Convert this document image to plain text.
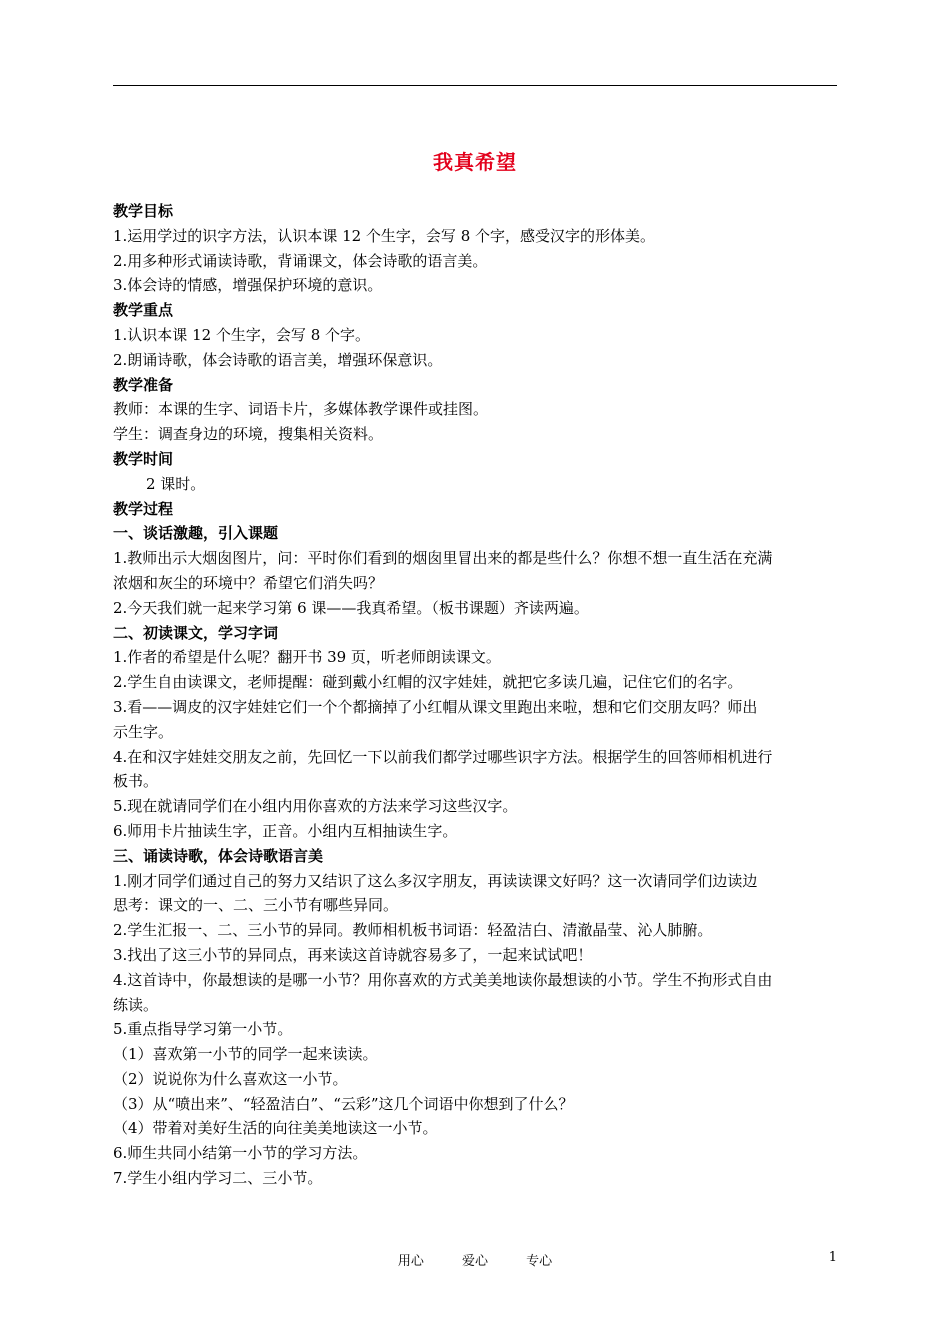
我真希望
教学目标
1.运用学过的识字方法，认识本课 12 个生字，会写 8 个字，感受汉字的形体美。
2.用多种形式诵读诗歌，背诵课文，体会诗歌的语言美。
3.体会诗的情感，增强保护环境的意识。
教学重点
1.认识本课 12 个生字，会写 8 个字。
2.朗诵诗歌，体会诗歌的语言美，增强环保意识。
教学准备
教师：本课的生字、词语卡片，多媒体教学课件或挂图。
学生：调查身边的环境，搜集相关资料。
教学时间
2 课时。
教学过程
一、谈话激趣，引入课题
1.教师出示大烟囱图片，问：平时你们看到的烟囱里冒出来的都是些什么？你想不想一直生活在充满
浓烟和灰尘的环境中？希望它们消失吗？
2.今天我们就一起来学习第 6 课——我真希望。（板书课题）齐读两遍。
二、初读课文，学习字词
1.作者的希望是什么呢？翻开书 39 页，听老师朗读课文。
2.学生自由读课文，老师提醒：碰到戴小红帽的汉字娃娃，就把它多读几遍，记住它们的名字。
3.看——调皮的汉字娃娃它们一个个都摘掉了小红帽从课文里跑出来啦，想和它们交朋友吗？师出
示生字。
4.在和汉字娃娃交朋友之前，先回忆一下以前我们都学过哪些识字方法。根据学生的回答师相机进行
板书。
5.现在就请同学们在小组内用你喜欢的方法来学习这些汉字。
6.师用卡片抽读生字，正音。小组内互相抽读生字。
三、诵读诗歌，体会诗歌语言美
1.刚才同学们通过自己的努力又结识了这么多汉字朋友，再读读课文好吗？这一次请同学们边读边
思考：课文的一、二、三小节有哪些异同。
2.学生汇报一、二、三小节的异同。教师相机板书词语：轻盈洁白、清澈晶莹、沁人肺腑。
3.找出了这三小节的异同点，再来读这首诗就容易多了，一起来试试吧！
4.这首诗中，你最想读的是哪一小节？用你喜欢的方式美美地读你最想读的小节。学生不拘形式自由
练读。
5.重点指导学习第一小节。
（1）喜欢第一小节的同学一起来读读。
（2）说说你为什么喜欢这一小节。
（3）从“喷出来”、“轻盈洁白”、“云彩”这几个词语中你想到了什么？
（4）带着对美好生活的向往美美地读这一小节。
6.师生共同小结第一小节的学习方法。
7.学生小组内学习二、三小节。
用心	爱心	专心	1
